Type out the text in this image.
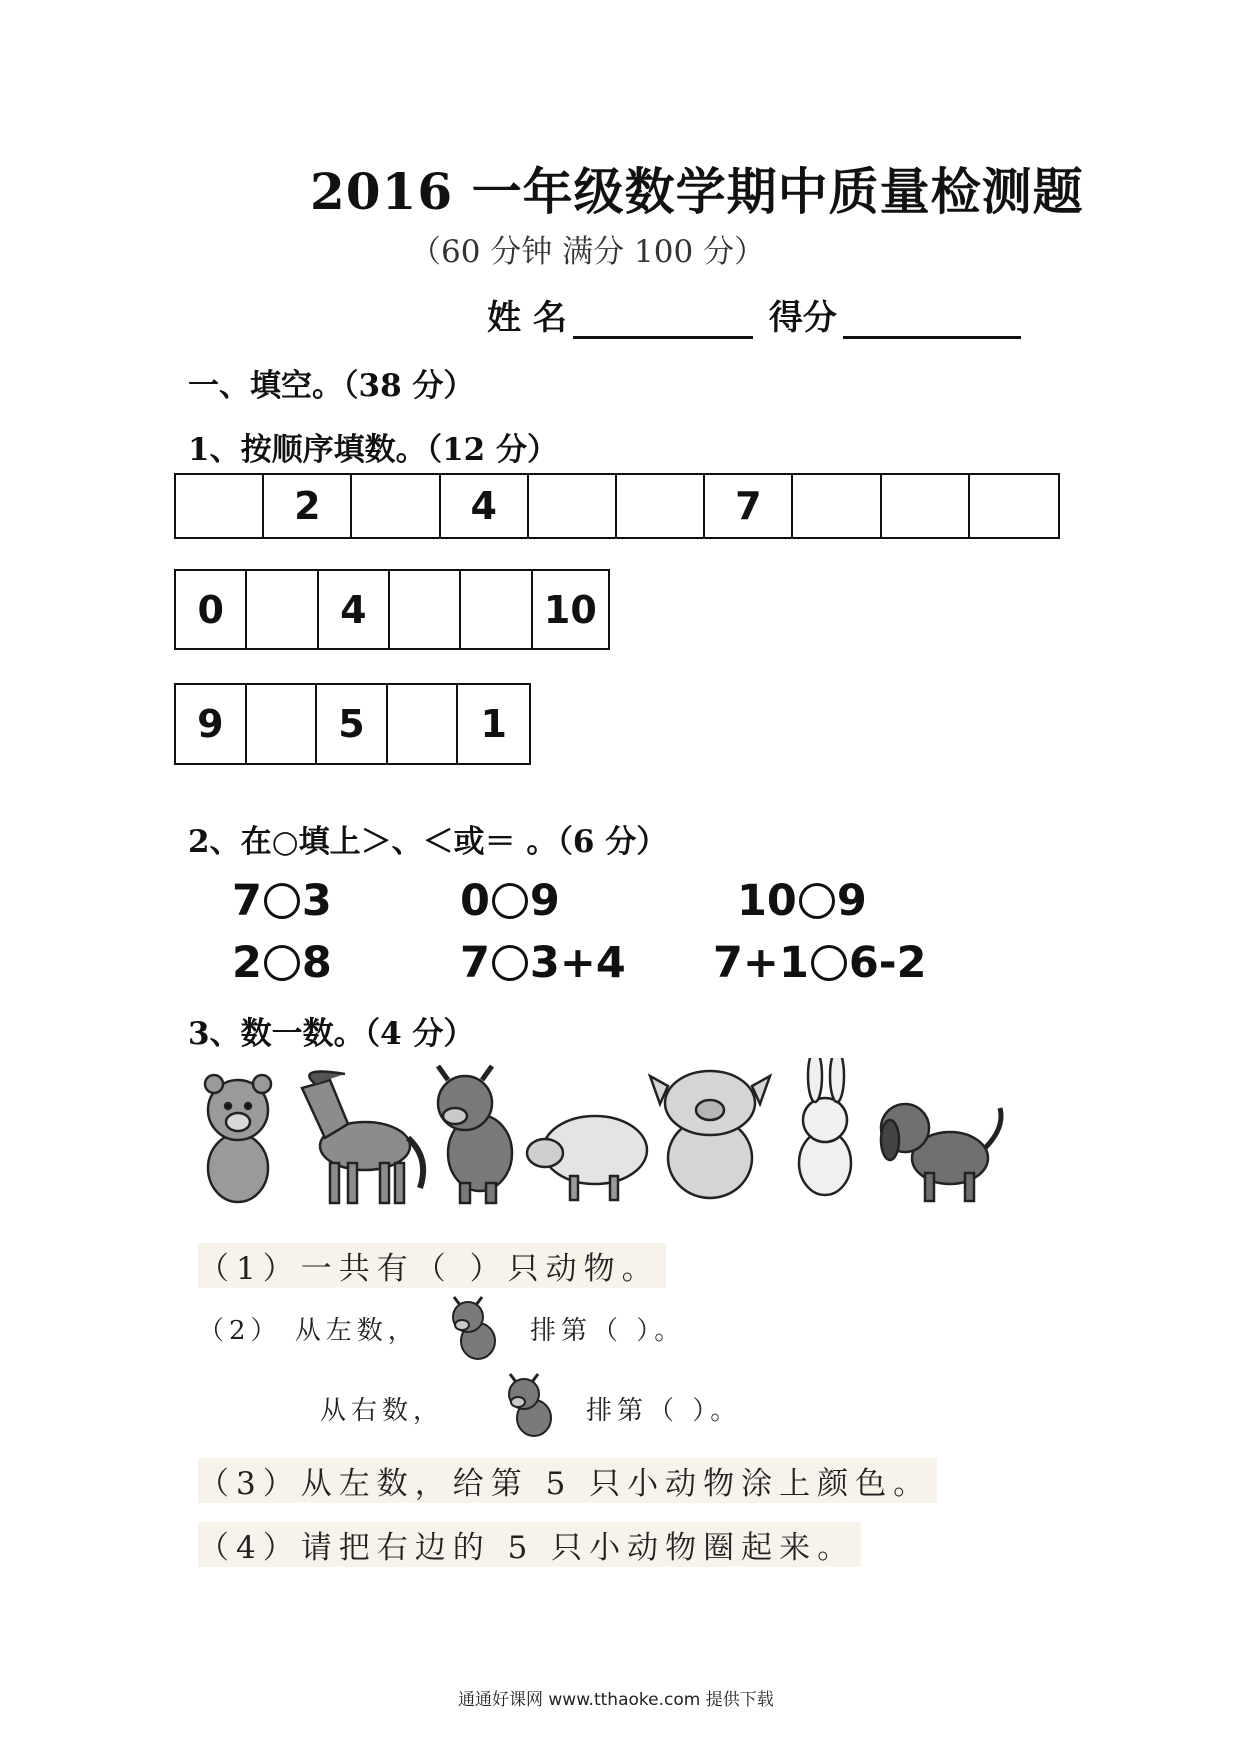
2016 一年级数学期中质量检测题
（60 分钟 满分 100 分）
姓 名	得分
一、填空。（38 分）
1、按顺序填数。（12 分）
2	4	7
0	4	10
9	5	1
2、在○填上＞、＜或＝ 。（6 分）
7 3	0 9	10 9
2 8	7 3+4 7+1 6-2
3、数一数。（4 分）
（1）一共有（ ）只动物。
（2） 从左数，	排第（ ）。
从右数，	排第（ ）。
（3）从左数，给第 5 只小动物涂上颜色。
（4）请把右边的 5 只小动物圈起来。
通通好课网 www.tthaoke.com 提供下载
